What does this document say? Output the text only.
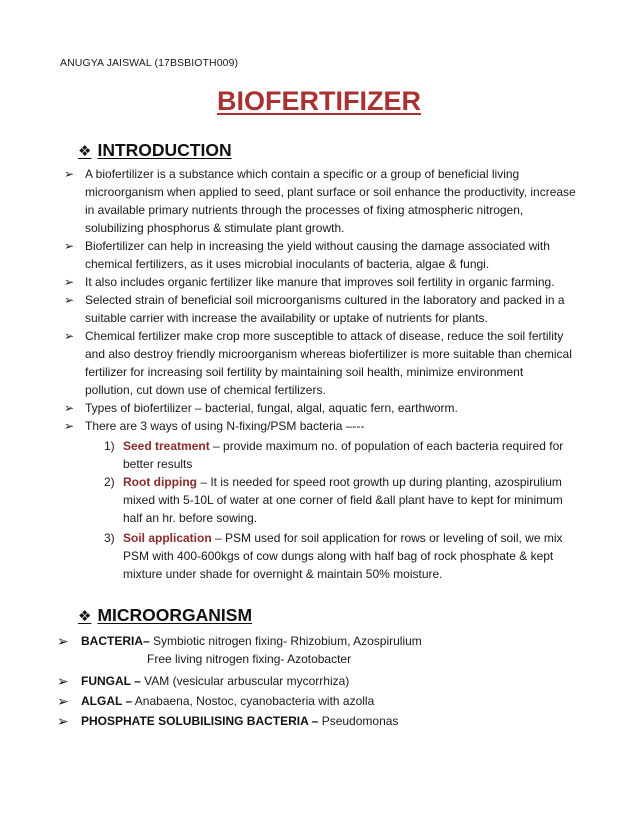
ANUGYA JAISWAL (17BSBIOTH009)
BIOFERTIFIZER
❖ INTRODUCTION
➢ A biofertilizer is a substance which contain a specific or a group of beneficial living
microorganism when applied to seed, plant surface or soil enhance the productivity, increase
in available primary nutrients through the processes of fixing atmospheric nitrogen,
solubilizing phosphorus & stimulate plant growth.
➢ Biofertilizer can help in increasing the yield without causing the damage associated with
chemical fertilizers, as it uses microbial inoculants of bacteria, algae & fungi.
➢ It also includes organic fertilizer like manure that improves soil fertility in organic farming.
➢ Selected strain of beneficial soil microorganisms cultured in the laboratory and packed in a
suitable carrier with increase the availability or uptake of nutrients for plants.
➢ Chemical fertilizer make crop more susceptible to attack of disease, reduce the soil fertility
and also destroy friendly microorganism whereas biofertilizer is more suitable than chemical
fertilizer for increasing soil fertility by maintaining soil health, minimize environment
pollution, cut down use of chemical fertilizers.
➢ Types of biofertilizer – bacterial, fungal, algal, aquatic fern, earthworm.
➢ There are 3 ways of using N-fixing/PSM bacteria –---
1) Seed treatment – provide maximum no. of population of each bacteria required for
better results
2) Root dipping – It is needed for speed root growth up during planting, azospirulium
mixed with 5-10L of water at one corner of field &all plant have to kept for minimum
half an hr. before sowing.
3) Soil application – PSM used for soil application for rows or leveling of soil, we mix
PSM with 400-600kgs of cow dungs along with half bag of rock phosphate & kept
mixture under shade for overnight & maintain 50% moisture.
❖ MICROORGANISM
➢ BACTERIA– Symbiotic nitrogen fixing- Rhizobium, Azospirulium
Free living nitrogen fixing- Azotobacter
➢ FUNGAL – VAM (vesicular arbuscular mycorrhiza)
➢ ALGAL – Anabaena, Nostoc, cyanobacteria with azolla
➢ PHOSPHATE SOLUBILISING BACTERIA – Pseudomonas
